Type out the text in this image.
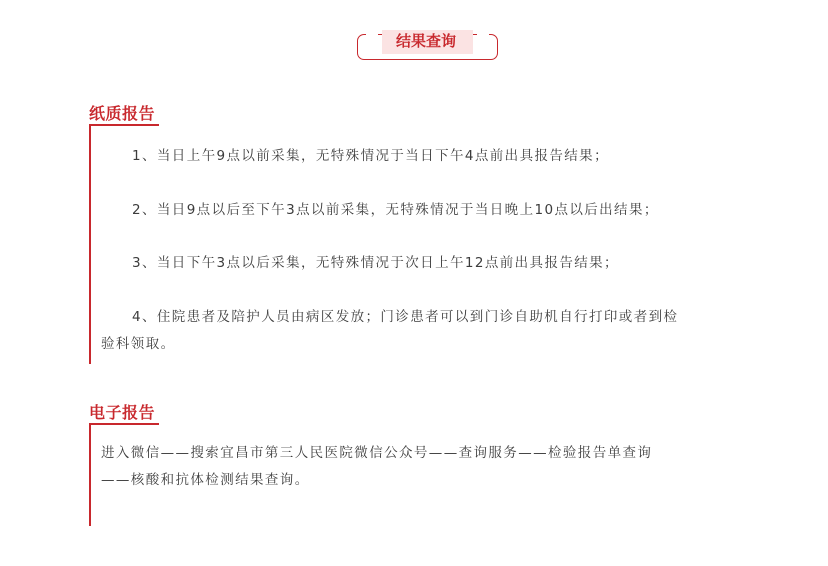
结果查询
纸质报告
1、当日上午9点以前采集，无特殊情况于当日下午4点前出具报告结果；
2、当日9点以后至下午3点以前采集，无特殊情况于当日晚上10点以后出结果；
3、当日下午3点以后采集，无特殊情况于次日上午12点前出具报告结果；
4、住院患者及陪护人员由病区发放；门诊患者可以到门诊自助机自行打印或者到检
验科领取。
电子报告
进入微信——搜索宜昌市第三人民医院微信公众号——查询服务——检验报告单查询
——核酸和抗体检测结果查询。
